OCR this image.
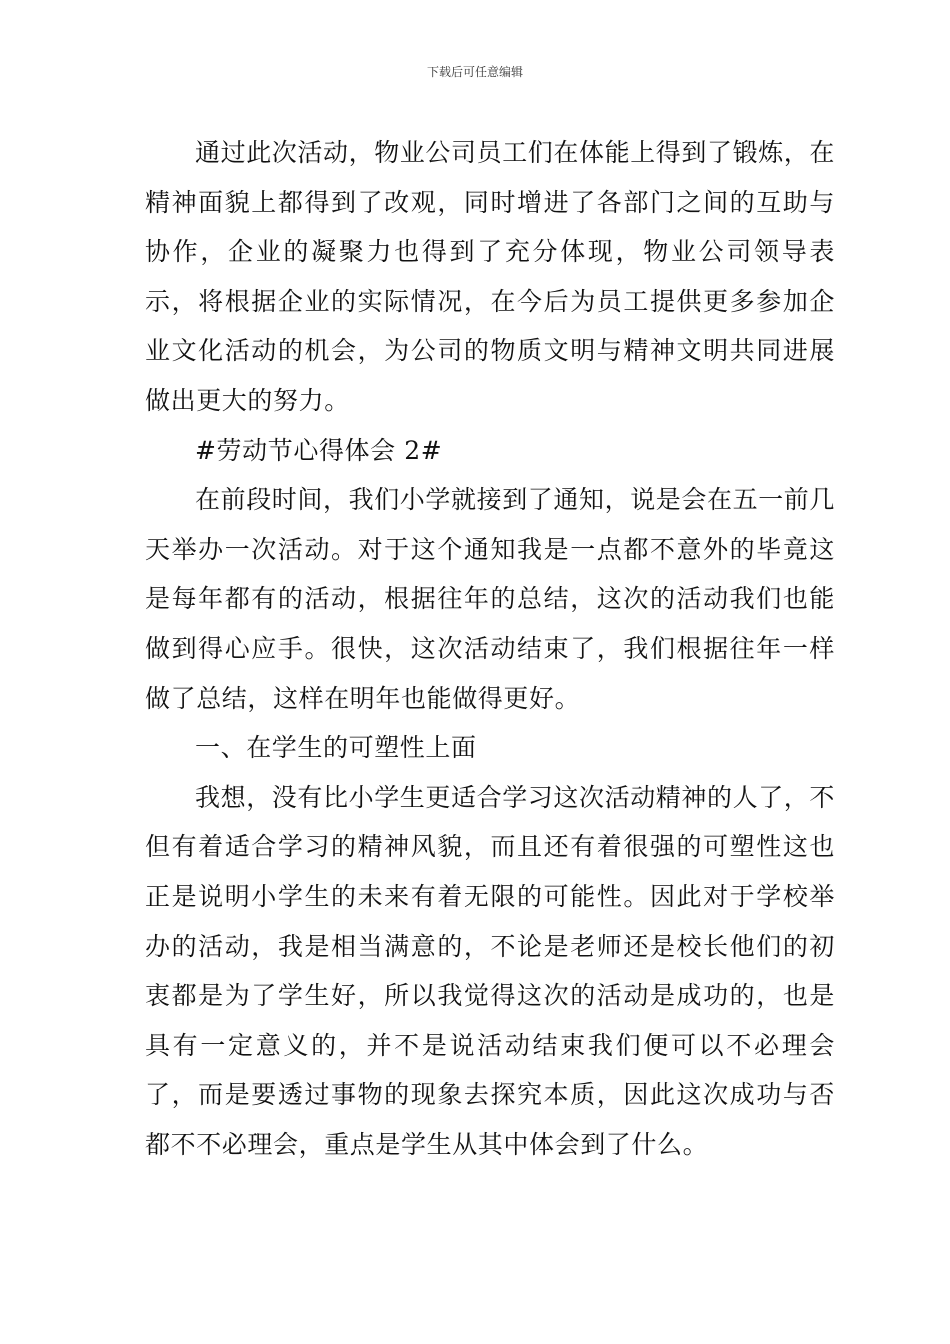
下载后可任意编辑

通过此次活动，物业公司员工们在体能上得到了锻炼，在精神面貌上都得到了改观，同时增进了各部门之间的互助与协作，企业的凝聚力也得到了充分体现，物业公司领导表示，将根据企业的实际情况，在今后为员工提供更多参加企业文化活动的机会，为公司的物质文明与精神文明共同进展做出更大的努力。

#劳动节心得体会 2#

在前段时间，我们小学就接到了通知，说是会在五一前几天举办一次活动。对于这个通知我是一点都不意外的毕竟这是每年都有的活动，根据往年的总结，这次的活动我们也能做到得心应手。很快，这次活动结束了，我们根据往年一样做了总结，这样在明年也能做得更好。

一、在学生的可塑性上面

我想，没有比小学生更适合学习这次活动精神的人了，不但有着适合学习的精神风貌，而且还有着很强的可塑性这也正是说明小学生的未来有着无限的可能性。因此对于学校举办的活动，我是相当满意的，不论是老师还是校长他们的初衷都是为了学生好，所以我觉得这次的活动是成功的，也是具有一定意义的，并不是说活动结束我们便可以不必理会了，而是要透过事物的现象去探究本质，因此这次成功与否都不不必理会，重点是学生从其中体会到了什么。
